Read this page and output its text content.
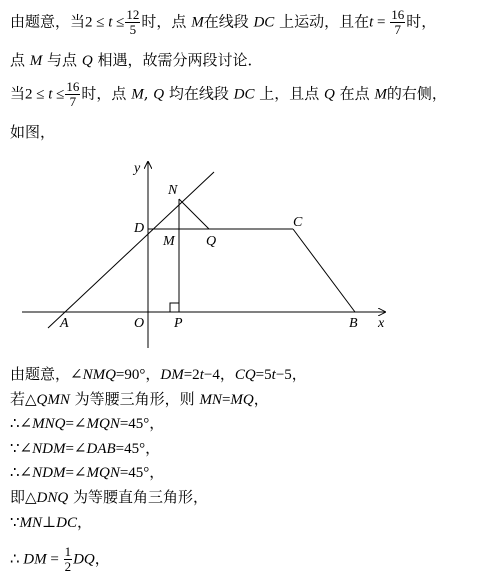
由题意，当$2 \le t \le \frac{12}{5}$ 时，点 M在线段 DC 上运动，且在$t = \frac{16}{7}$ 时，
点 M 与点 Q 相遇，故需分两段讨论．
当$2 \le t \le \frac{16}{7}$ 时，点 M, Q 均在线段 DC 上，且点 Q 在点 M的右侧，
如图，
y
x
N
D
M Q
C
A	O P	B
由题意，∠NMQ=90°，DM=2t−4，CQ=5t−5，
若△QMN 为等腰三角形，则 MN=MQ，
∴∠MNQ=∠MQN=45°，
∵∠NDM=∠DAB=45°，
∴∠NDM=∠MQN=45°，
即△DNQ 为等腰直角三角形，
∵MN⊥DC，
∴ DM = $\frac{1}{2}$ DQ，
